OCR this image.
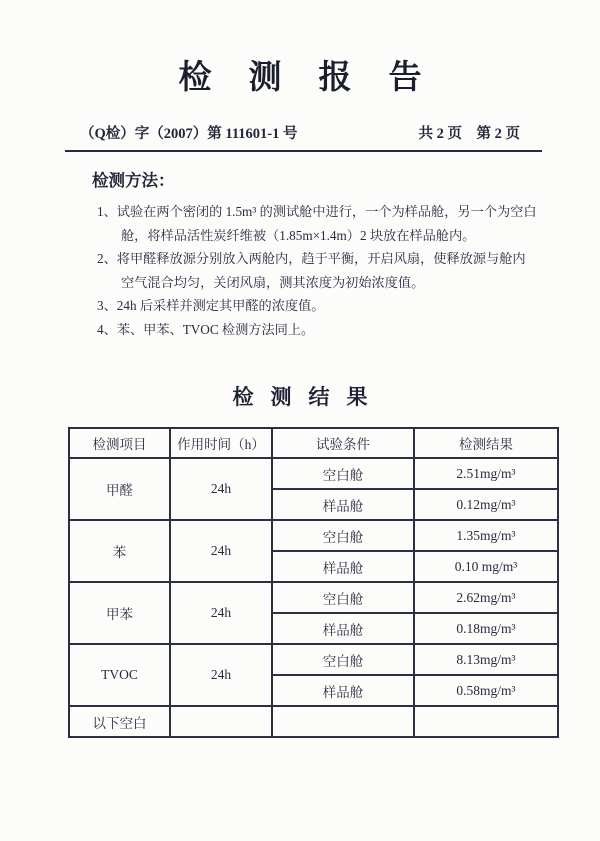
检测报告
（Q检）字（2007）第 111601-1 号	共 2 页　第 2 页
检测方法：
1、试验在两个密闭的 1.5m³ 的测试舱中进行，一个为样品舱，另一个为空白舱，将样品活性炭纤维被（1.85m×1.4m）2 块放在样品舱内。
2、将甲醛释放源分别放入两舱内，趋于平衡，开启风扇，使释放源与舱内空气混合均匀，关闭风扇，测其浓度为初始浓度值。
3、24h 后采样并测定其甲醛的浓度值。
4、苯、甲苯、TVOC 检测方法同上。
检测结果
检测项目	作用时间（h）	试验条件	检测结果
甲醛	24h	空白舱	2.51mg/m³
		样品舱	0.12mg/m³
苯	24h	空白舱	1.35mg/m³
		样品舱	0.10 mg/m³
甲苯	24h	空白舱	2.62mg/m³
		样品舱	0.18mg/m³
TVOC	24h	空白舱	8.13mg/m³
		样品舱	0.58mg/m³
以下空白			
